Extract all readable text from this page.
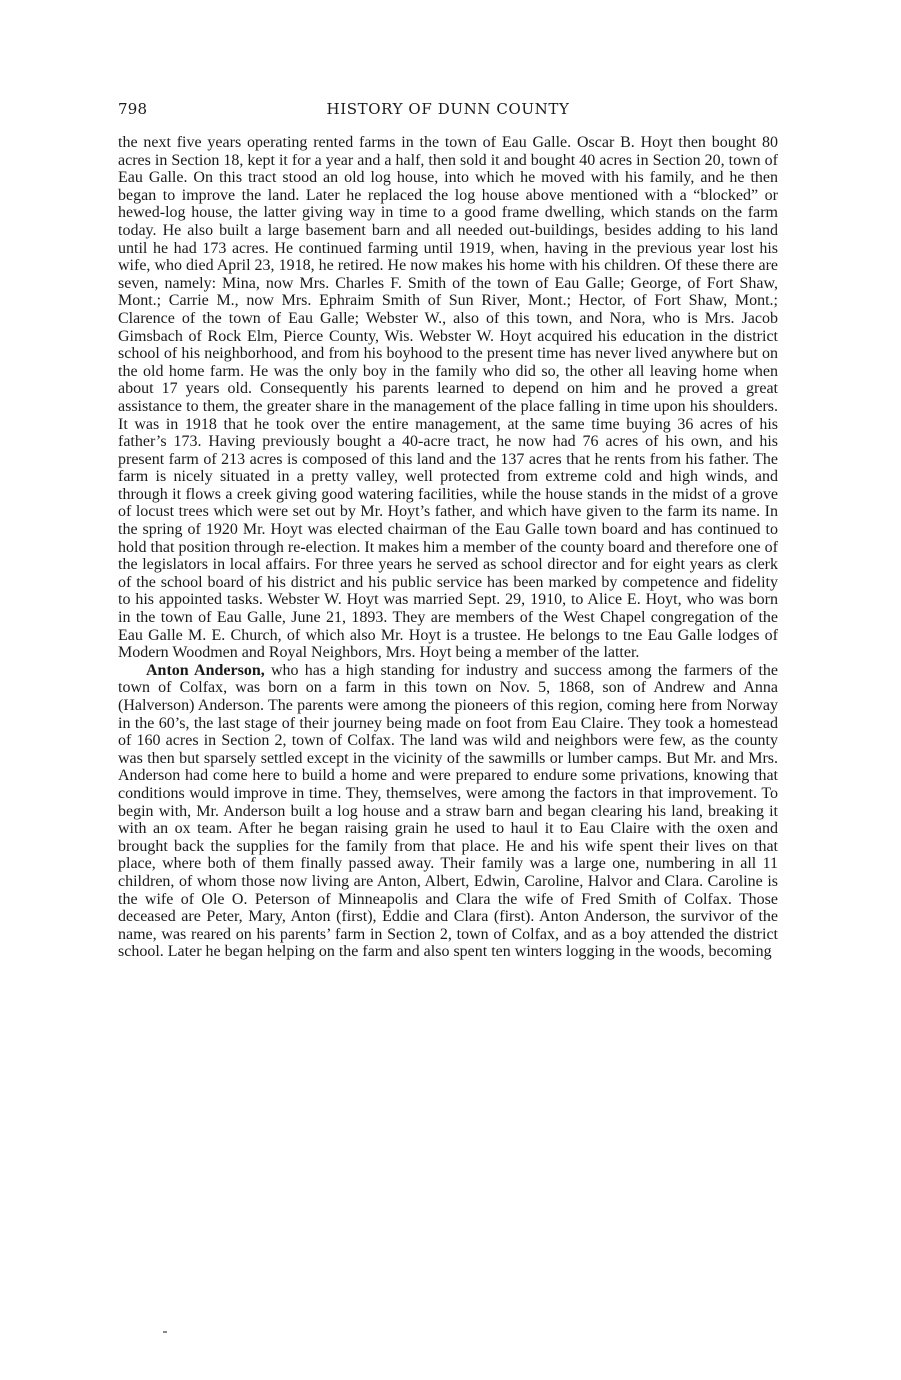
798	HISTORY OF DUNN COUNTY

the next five years operating rented farms in the town of Eau Galle. Oscar B. Hoyt then bought 80 acres in Section 18, kept it for a year and a half, then sold it and bought 40 acres in Section 20, town of Eau Galle. On this tract stood an old log house, into which he moved with his family, and he then began to improve the land. Later he replaced the log house above mentioned with a “blocked” or hewed-log house, the latter giving way in time to a good frame dwelling, which stands on the farm today. He also built a large basement barn and all needed out-buildings, besides adding to his land until he had 173 acres. He continued farming until 1919, when, having in the previous year lost his wife, who died April 23, 1918, he retired. He now makes his home with his children. Of these there are seven, namely: Mina, now Mrs. Charles F. Smith of the town of Eau Galle; George, of Fort Shaw, Mont.; Carrie M., now Mrs. Ephraim Smith of Sun River, Mont.; Hector, of Fort Shaw, Mont.; Clarence of the town of Eau Galle; Webster W., also of this town, and Nora, who is Mrs. Jacob Gimsbach of Rock Elm, Pierce County, Wis. Webster W. Hoyt acquired his education in the district school of his neighborhood, and from his boyhood to the present time has never lived anywhere but on the old home farm. He was the only boy in the family who did so, the other all leaving home when about 17 years old. Consequently his parents learned to depend on him and he proved a great assistance to them, the greater share in the management of the place falling in time upon his shoulders. It was in 1918 that he took over the entire management, at the same time buying 36 acres of his father’s 173. Having previously bought a 40-acre tract, he now had 76 acres of his own, and his present farm of 213 acres is composed of this land and the 137 acres that he rents from his father. The farm is nicely situated in a pretty valley, well protected from extreme cold and high winds, and through it flows a creek giving good watering facilities, while the house stands in the midst of a grove of locust trees which were set out by Mr. Hoyt’s father, and which have given to the farm its name. In the spring of 1920 Mr. Hoyt was elected chairman of the Eau Galle town board and has continued to hold that position through re-election. It makes him a member of the county board and therefore one of the legislators in local affairs. For three years he served as school director and for eight years as clerk of the school board of his district and his public service has been marked by competence and fidelity to his appointed tasks. Webster W. Hoyt was married Sept. 29, 1910, to Alice E. Hoyt, who was born in the town of Eau Galle, June 21, 1893. They are members of the West Chapel congregation of the Eau Galle M. E. Church, of which also Mr. Hoyt is a trustee. He belongs to tne Eau Galle lodges of Modern Woodmen and Royal Neighbors, Mrs. Hoyt being a member of the latter.

Anton Anderson, who has a high standing for industry and success among the farmers of the town of Colfax, was born on a farm in this town on Nov. 5, 1868, son of Andrew and Anna (Halverson) Anderson. The parents were among the pioneers of this region, coming here from Norway in the 60’s, the last stage of their journey being made on foot from Eau Claire. They took a homestead of 160 acres in Section 2, town of Colfax. The land was wild and neighbors were few, as the county was then but sparsely settled except in the vicinity of the sawmills or lumber camps. But Mr. and Mrs. Anderson had come here to build a home and were prepared to endure some privations, knowing that conditions would improve in time. They, themselves, were among the factors in that improvement. To begin with, Mr. Anderson built a log house and a straw barn and began clearing his land, breaking it with an ox team. After he began raising grain he used to haul it to Eau Claire with the oxen and brought back the supplies for the family from that place. He and his wife spent their lives on that place, where both of them finally passed away. Their family was a large one, numbering in all 11 children, of whom those now living are Anton, Albert, Edwin, Caroline, Halvor and Clara. Caroline is the wife of Ole O. Peterson of Minneapolis and Clara the wife of Fred Smith of Colfax. Those deceased are Peter, Mary, Anton (first), Eddie and Clara (first). Anton Anderson, the survivor of the name, was reared on his parents’ farm in Section 2, town of Colfax, and as a boy attended the district school. Later he began helping on the farm and also spent ten winters logging in the woods, becoming
